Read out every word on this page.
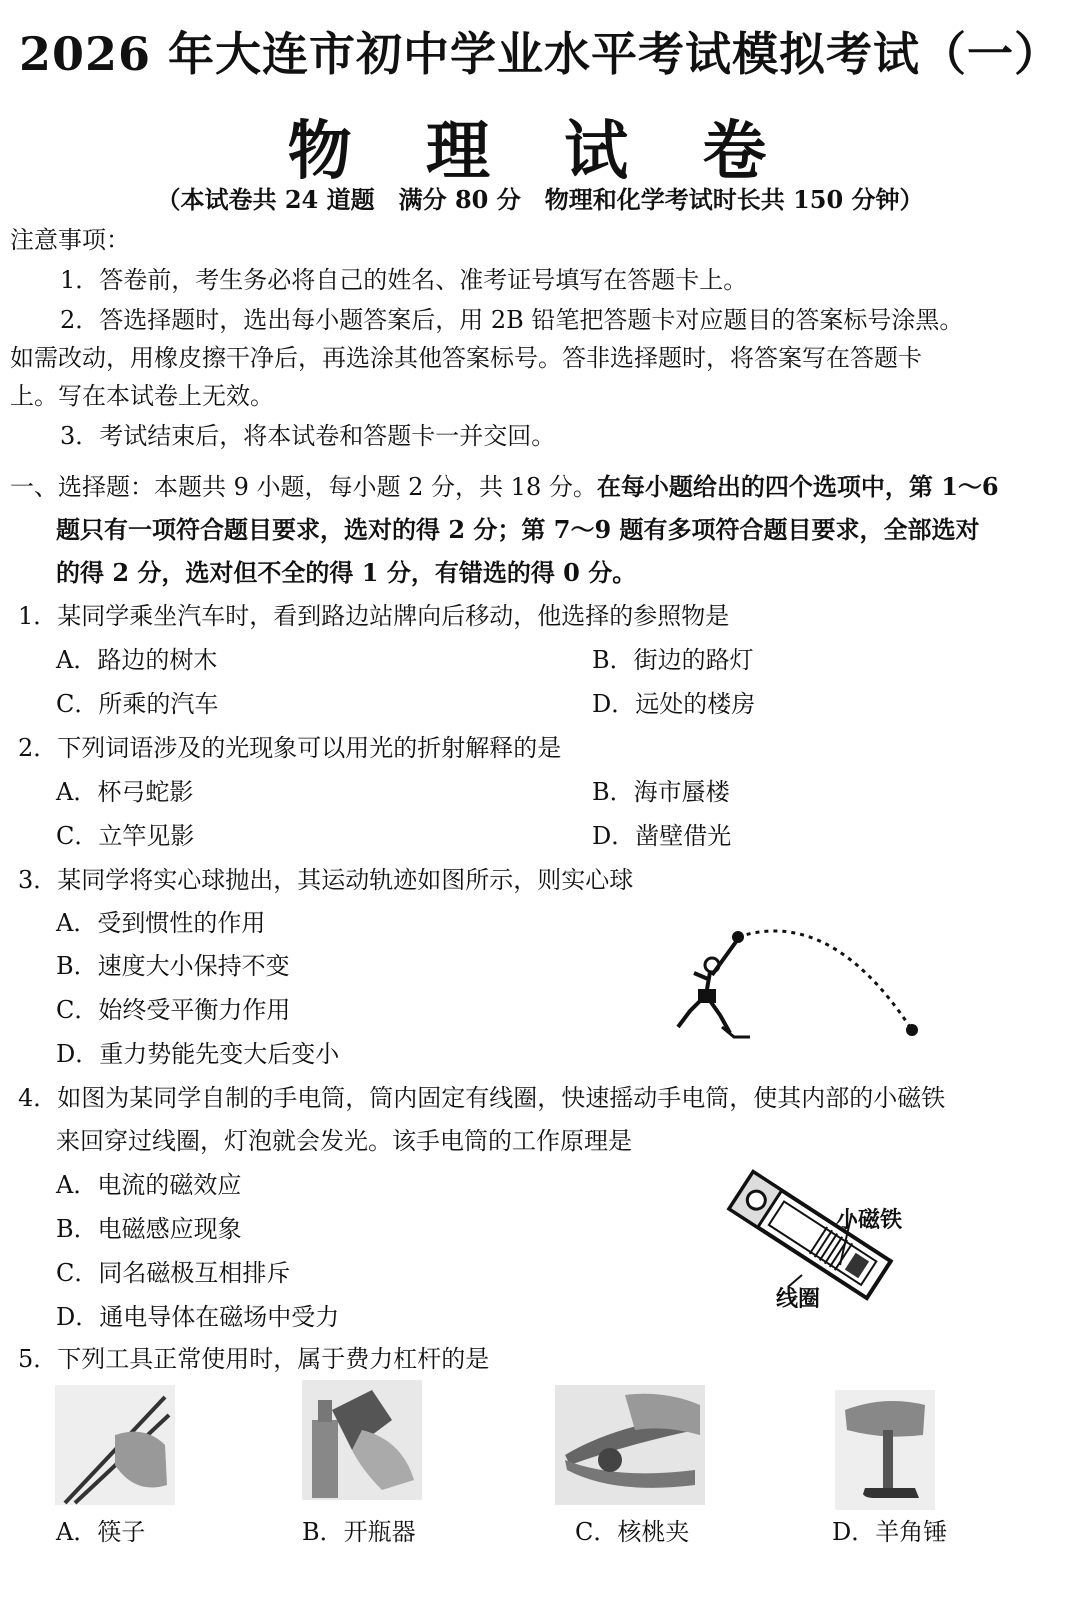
2026 年大连市初中学业水平考试模拟考试（一）
物 理 试 卷
（本试卷共 24 道题　满分 80 分　物理和化学考试时长共 150 分钟）
注意事项：
1．答卷前，考生务必将自己的姓名、准考证号填写在答题卡上。
2．答选择题时，选出每小题答案后，用 2B 铅笔把答题卡对应题目的答案标号涂黑。
如需改动，用橡皮擦干净后，再选涂其他答案标号。答非选择题时，将答案写在答题卡
上。写在本试卷上无效。
3．考试结束后，将本试卷和答题卡一并交回。
一、选择题：本题共 9 小题，每小题 2 分，共 18 分。在每小题给出的四个选项中，第 1～6
题只有一项符合题目要求，选对的得 2 分；第 7～9 题有多项符合题目要求，全部选对
的得 2 分，选对但不全的得 1 分，有错选的得 0 分。
1．某同学乘坐汽车时，看到路边站牌向后移动，他选择的参照物是
A．路边的树木	B．街边的路灯
C．所乘的汽车	D．远处的楼房
2．下列词语涉及的光现象可以用光的折射解释的是
A．杯弓蛇影	B．海市蜃楼
C．立竿见影	D．凿壁借光
3．某同学将实心球抛出，其运动轨迹如图所示，则实心球
A．受到惯性的作用
B．速度大小保持不变
C．始终受平衡力作用
D．重力势能先变大后变小
4．如图为某同学自制的手电筒，筒内固定有线圈，快速摇动手电筒，使其内部的小磁铁
来回穿过线圈，灯泡就会发光。该手电筒的工作原理是
A．电流的磁效应
B．电磁感应现象
C．同名磁极互相排斥
D．通电导体在磁场中受力
小磁铁
线圈
5．下列工具正常使用时，属于费力杠杆的是
A．筷子	B．开瓶器	C．核桃夹	D．羊角锤
